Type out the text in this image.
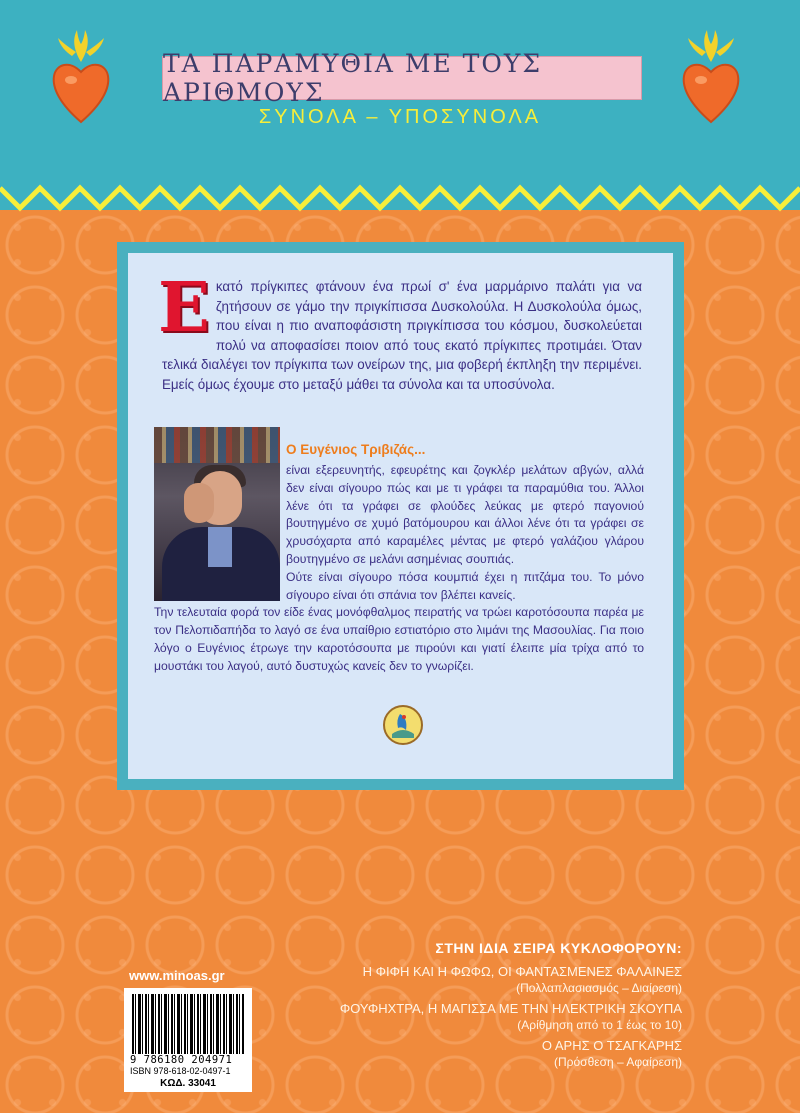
ΤΑ ΠΑΡΑΜΥΘΙΑ ΜΕ ΤΟΥΣ ΑΡΙΘΜΟΥΣ
ΣΥΝΟΛΑ – ΥΠΟΣΥΝΟΛΑ
Εκατό πρίγκιπες φτάνουν ένα πρωί σ' ένα μαρμάρινο παλάτι για να ζητήσουν σε γάμο την πριγκίπισσα Δυσκολούλα. Η Δυσκολούλα όμως, που είναι η πιο αναποφάσιστη πριγκίπισσα του κόσμου, δυσκολεύεται πολύ να αποφασίσει ποιον από τους εκατό πρίγκιπες προτιμάει. Όταν τελικά διαλέγει τον πρίγκιπα των ονείρων της, μια φοβερή έκπληξη την περιμένει. Εμείς όμως έχουμε στο μεταξύ μάθει τα σύνολα και τα υποσύνολα.
Ο Ευγένιος Τριβιζάς...

είναι εξερευνητής, εφευρέτης και ζογκλέρ μελάτων αβγών, αλλά δεν είναι σίγουρο πώς και με τι γράφει τα παραμύθια του. Άλλοι λένε ότι τα γράφει σε φλούδες λεύκας με φτερό παγονιού βουτηγμένο σε χυμό βατόμουρου και άλλοι λένε ότι τα γράφει σε χρυσόχαρτα από καραμέλες μέντας με φτερό γαλάζιου γλάρου βουτηγμένο σε μελάνι ασημένιας σουπιάς.

Ούτε είναι σίγουρο πόσα κουμπιά έχει η πιτζάμα του. Το μόνο σίγουρο είναι ότι σπάνια τον βλέπει κανείς.

Την τελευταία φορά τον είδε ένας μονόφθαλμος πειρατής να τρώει καροτόσουπα παρέα με τον Πελοπιδαπήδα το λαγό σε ένα υπαίθριο εστιατόριο στο λιμάνι της Μασουλίας. Για ποιο λόγο ο Ευγένιος έτρωγε την καροτόσουπα με πιρούνι και γιατί έλειπε μία τρίχα από το μουστάκι του λαγού, αυτό δυστυχώς κανείς δεν το γνωρίζει.

ΣΤΗΝ ΙΔΙΑ ΣΕΙΡΑ ΚΥΚΛΟΦΟΡΟΥΝ:
Η ΦΙΦΗ ΚΑΙ Η ΦΩΦΩ, ΟΙ ΦΑΝΤΑΣΜΕΝΕΣ ΦΑΛΑΙΝΕΣ
(Πολλαπλασιασμός – Διαίρεση)
ΦΟΥΦΗΧΤΡΑ, Η ΜΑΓΙΣΣΑ ΜΕ ΤΗΝ ΗΛΕΚΤΡΙΚΗ ΣΚΟΥΠΑ
(Αρίθμηση από το 1 έως το 10)
Ο ΑΡΗΣ Ο ΤΣΑΓΚΑΡΗΣ
(Πρόσθεση – Αφαίρεση)
www.minoas.gr
9 786180 204971
ISBN 978-618-02-0497-1
ΚΩΔ. 33041
